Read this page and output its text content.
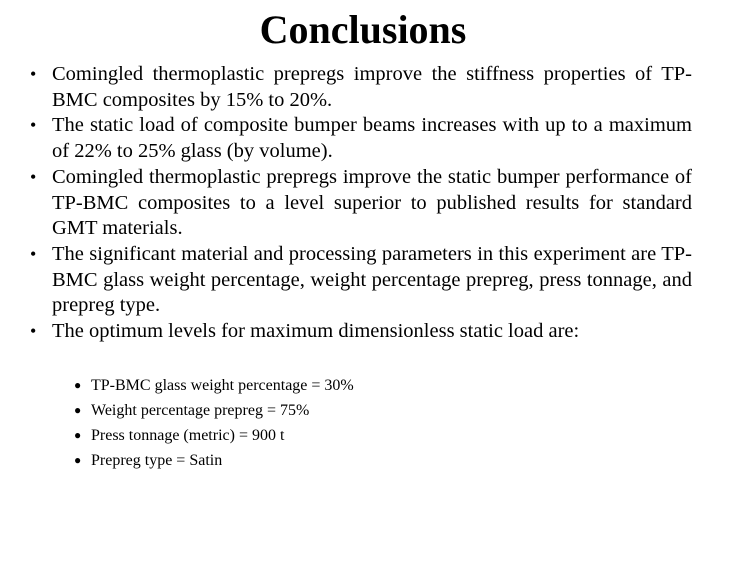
Conclusions
• Comingled thermoplastic prepregs improve the stiffness properties of TP-BMC composites by 15% to 20%.
• The static load of composite bumper beams increases with up to a maximum of 22% to 25% glass (by volume).
• Comingled thermoplastic prepregs improve the static bumper performance of TP-BMC composites to a level superior to published results for standard GMT materials.
• The significant material and processing parameters in this experiment are TP-BMC glass weight percentage, weight percentage prepreg, press tonnage, and prepreg type.
• The optimum levels for maximum dimensionless static load are:
● TP-BMC glass weight percentage = 30%
● Weight percentage prepreg = 75%
● Press tonnage (metric) = 900 t
● Prepreg type = Satin
